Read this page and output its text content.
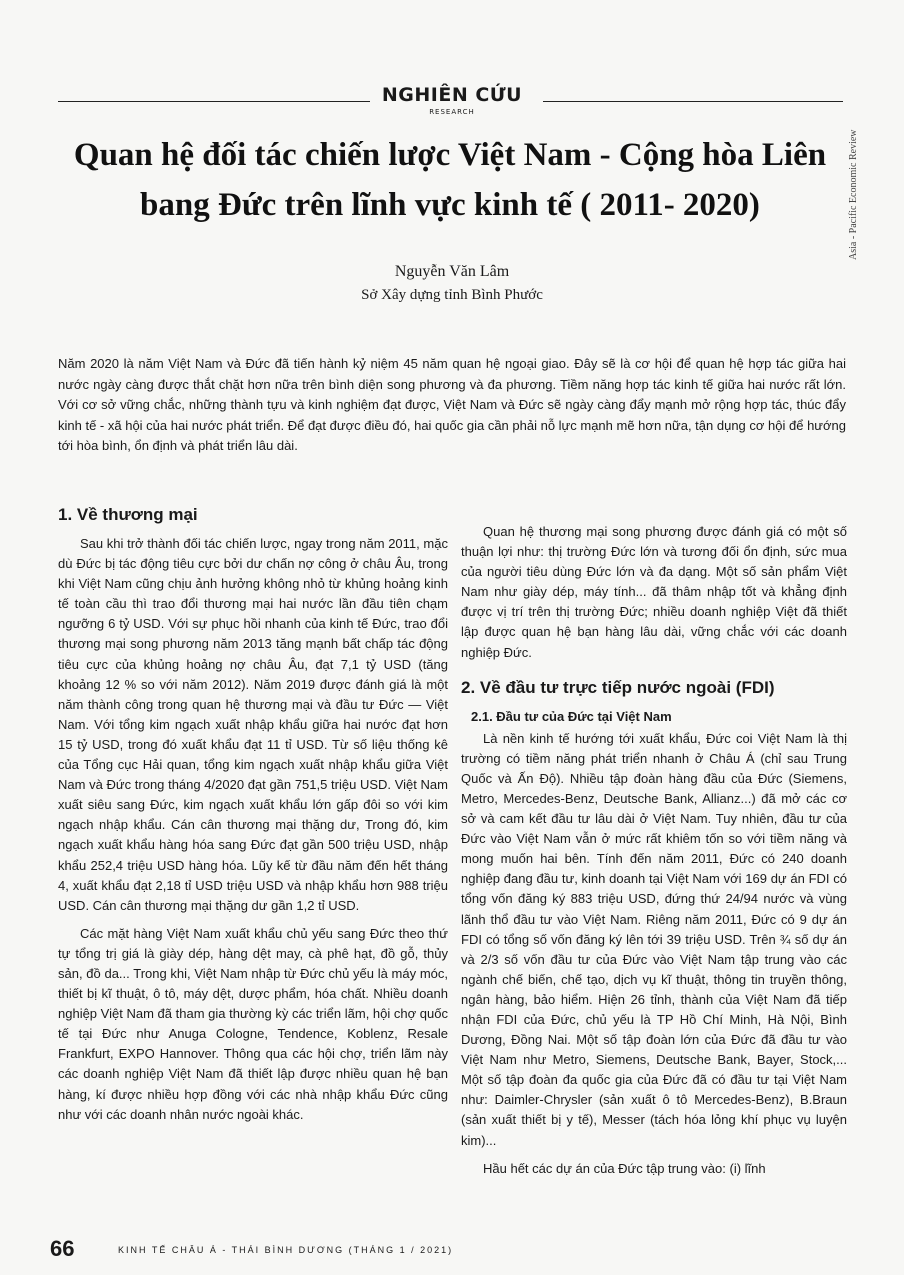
NGHIÊN CỨU
RESEARCH
Asia - Pacific Economic Review
Quan hệ đối tác chiến lược Việt Nam - Cộng hòa Liên bang Đức trên lĩnh vực kinh tế ( 2011- 2020)
Nguyễn Văn Lâm
Sở Xây dựng tỉnh Bình Phước
Năm 2020 là năm Việt Nam và Đức đã tiến hành kỷ niệm 45 năm quan hệ ngoại giao. Đây sẽ là cơ hội để quan hệ hợp tác giữa hai nước ngày càng được thắt chặt hơn nữa trên bình diện song phương và đa phương. Tiềm năng hợp tác kinh tế giữa hai nước rất lớn. Với cơ sở vững chắc, những thành tựu và kinh nghiệm đạt được, Việt Nam và Đức sẽ ngày càng đẩy mạnh mở rộng hợp tác, thúc đẩy kinh tế - xã hội của hai nước phát triển. Để đạt được điều đó, hai quốc gia cần phải nỗ lực mạnh mẽ hơn nữa, tận dụng cơ hội để hướng tới hòa bình, ổn định và phát triển lâu dài.
1. Về thương mại

Sau khi trở thành đối tác chiến lược, ngay trong năm 2011, mặc dù Đức bị tác động tiêu cực bởi dư chấn nợ công ở châu Âu, trong khi Việt Nam cũng chịu ảnh hưởng không nhỏ từ khủng hoảng kinh tế toàn cầu thì trao đổi thương mại hai nước lần đầu tiên chạm ngưỡng 6 tỷ USD. Với sự phục hồi nhanh của kinh tế Đức, trao đổi thương mại song phương năm 2013 tăng mạnh bất chấp tác động tiêu cực của khủng hoảng nợ châu Âu, đạt 7,1 tỷ USD (tăng khoảng 12 % so với năm 2012). Năm 2019 được đánh giá là một năm thành công trong quan hệ thương mại và đầu tư Đức — Việt Nam. Với tổng kim ngạch xuất nhập khẩu giữa hai nước đạt hơn 15 tỷ USD, trong đó xuất khẩu đạt 11 tỉ USD. Từ số liệu thống kê của Tổng cục Hải quan, tổng kim ngạch xuất nhập khẩu giữa Việt Nam và Đức trong tháng 4/2020 đạt gần 751,5 triệu USD. Việt Nam xuất siêu sang Đức, kim ngạch xuất khẩu lớn gấp đôi so với kim ngạch nhập khẩu. Cán cân thương mại thặng dư, Trong đó, kim ngạch xuất khẩu hàng hóa sang Đức đạt gần 500 triệu USD, nhập khẩu 252,4 triệu USD hàng hóa. Lũy kế từ đầu năm đến hết tháng 4, xuất khẩu đạt 2,18 tỉ USD triệu USD và nhập khẩu hơn 988 triệu USD. Cán cân thương mại thặng dư gần 1,2 tỉ USD.

Các mặt hàng Việt Nam xuất khẩu chủ yếu sang Đức theo thứ tự tổng trị giá là giày dép, hàng dệt may, cà phê hạt, đồ gỗ, thủy sản, đồ da... Trong khi, Việt Nam nhập từ Đức chủ yếu là máy móc, thiết bị kĩ thuật, ô tô, máy dệt, dược phẩm, hóa chất. Nhiều doanh nghiệp Việt Nam đã tham gia thường kỳ các triển lãm, hội chợ quốc tế tại Đức như Anuga Cologne, Tendence, Koblenz, Resale Frankfurt, EXPO Hannover. Thông qua các hội chợ, triển lãm này các doanh nghiệp Việt Nam đã thiết lập được nhiều quan hệ bạn hàng, kí được nhiều hợp đồng với các nhà nhập khẩu Đức cũng như với các doanh nhân nước ngoài khác.

Quan hệ thương mại song phương được đánh giá có một số thuận lợi như: thị trường Đức lớn và tương đối ổn định, sức mua của người tiêu dùng Đức lớn và đa dạng. Một số sản phẩm Việt Nam như giày dép, máy tính... đã thâm nhập tốt và khẳng định được vị trí trên thị trường Đức; nhiều doanh nghiệp Việt đã thiết lập được quan hệ bạn hàng lâu dài, vững chắc với các doanh nghiệp Đức.

2. Về đầu tư trực tiếp nước ngoài (FDI)
2.1. Đầu tư của Đức tại Việt Nam

Là nền kinh tế hướng tới xuất khẩu, Đức coi Việt Nam là thị trường có tiềm năng phát triển nhanh ở Châu Á (chỉ sau Trung Quốc và Ấn Độ). Nhiều tập đoàn hàng đầu của Đức (Siemens, Metro, Mercedes-Benz, Deutsche Bank, Allianz...) đã mở các cơ sở và cam kết đầu tư lâu dài ở Việt Nam. Tuy nhiên, đầu tư của Đức vào Việt Nam vẫn ở mức rất khiêm tốn so với tiềm năng và mong muốn hai bên. Tính đến năm 2011, Đức có 240 doanh nghiệp đang đầu tư, kinh doanh tại Việt Nam với 169 dự án FDI có tổng vốn đăng ký 883 triệu USD, đứng thứ 24/94 nước và vùng lãnh thổ đầu tư vào Việt Nam. Riêng năm 2011, Đức có 9 dự án FDI có tổng số vốn đăng ký lên tới 39 triệu USD. Trên ¾ số dự án và 2/3 số vốn đầu tư của Đức vào Việt Nam tập trung vào các ngành chế biến, chế tạo, dịch vụ kĩ thuật, thông tin truyền thông, ngân hàng, bảo hiểm. Hiện 26 tỉnh, thành của Việt Nam đã tiếp nhận FDI của Đức, chủ yếu là TP Hồ Chí Minh, Hà Nội, Bình Dương, Đồng Nai. Một số tập đoàn lớn của Đức đã đầu tư vào Việt Nam như Metro, Siemens, Deutsche Bank, Bayer, Stock,... Một số tập đoàn đa quốc gia của Đức đã có đầu tư tại Việt Nam như: Daimler-Chrysler (sản xuất ô tô Mercedes-Benz), B.Braun (sản xuất thiết bị y tế), Messer (tách hóa lỏng khí phục vụ luyện kim)...

Hầu hết các dự án của Đức tập trung vào: (i) lĩnh

66	KINH TẾ CHÂU Á - THÁI BÌNH DƯƠNG (THÁNG 1 / 2021)
